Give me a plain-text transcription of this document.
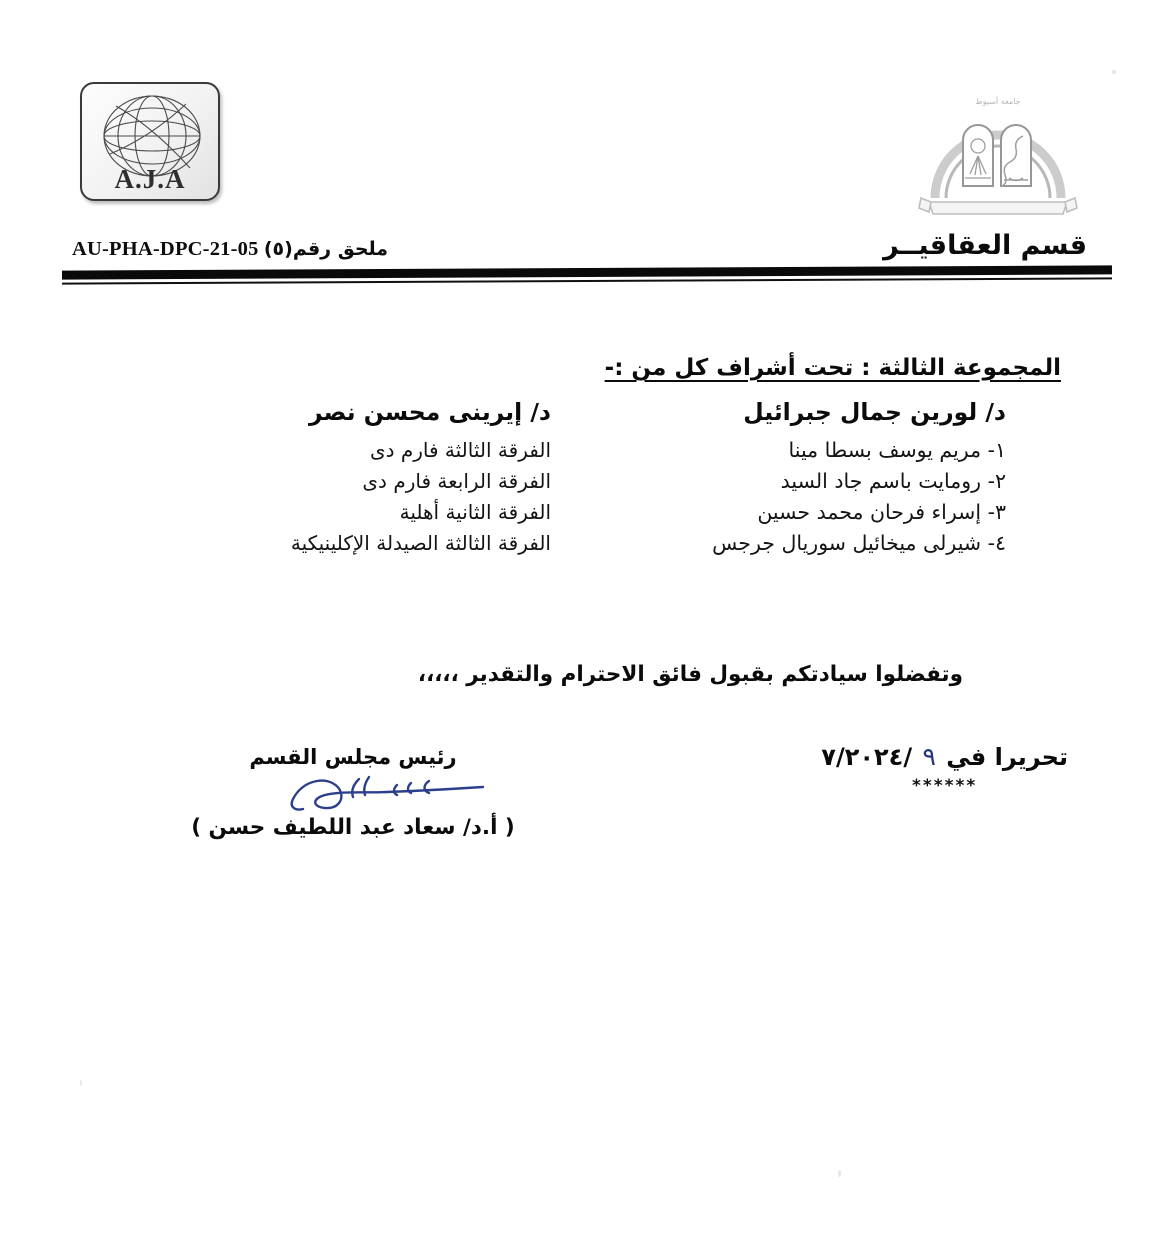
A.J.A
جامعة أسيوط
AU-PHA-DPC-21-05 ملحق رقم(٥)	قسم العقاقيــر
المجموعة الثالثة : تحت أشراف كل من :-
د/ لورين جمال جبرائيل
١- مريم يوسف بسطا مينا
٢- رومايت باسم جاد السيد
٣- إسراء فرحان محمد حسين
٤- شيرلى ميخائيل سوريال جرجس
د/ إيرينى محسن نصر
الفرقة الثالثة فارم دى
الفرقة الرابعة فارم دى
الفرقة الثانية أهلية
الفرقة الثالثة الصيدلة الإكلينيكية
وتفضلوا سيادتكم بقبول فائق الاحترام والتقدير ،،،،،
تحريرا في ٩ /٧/٢٠٢٤
******
رئيس مجلس القسم
( أ.د/ سعاد عبد اللطيف حسن )
